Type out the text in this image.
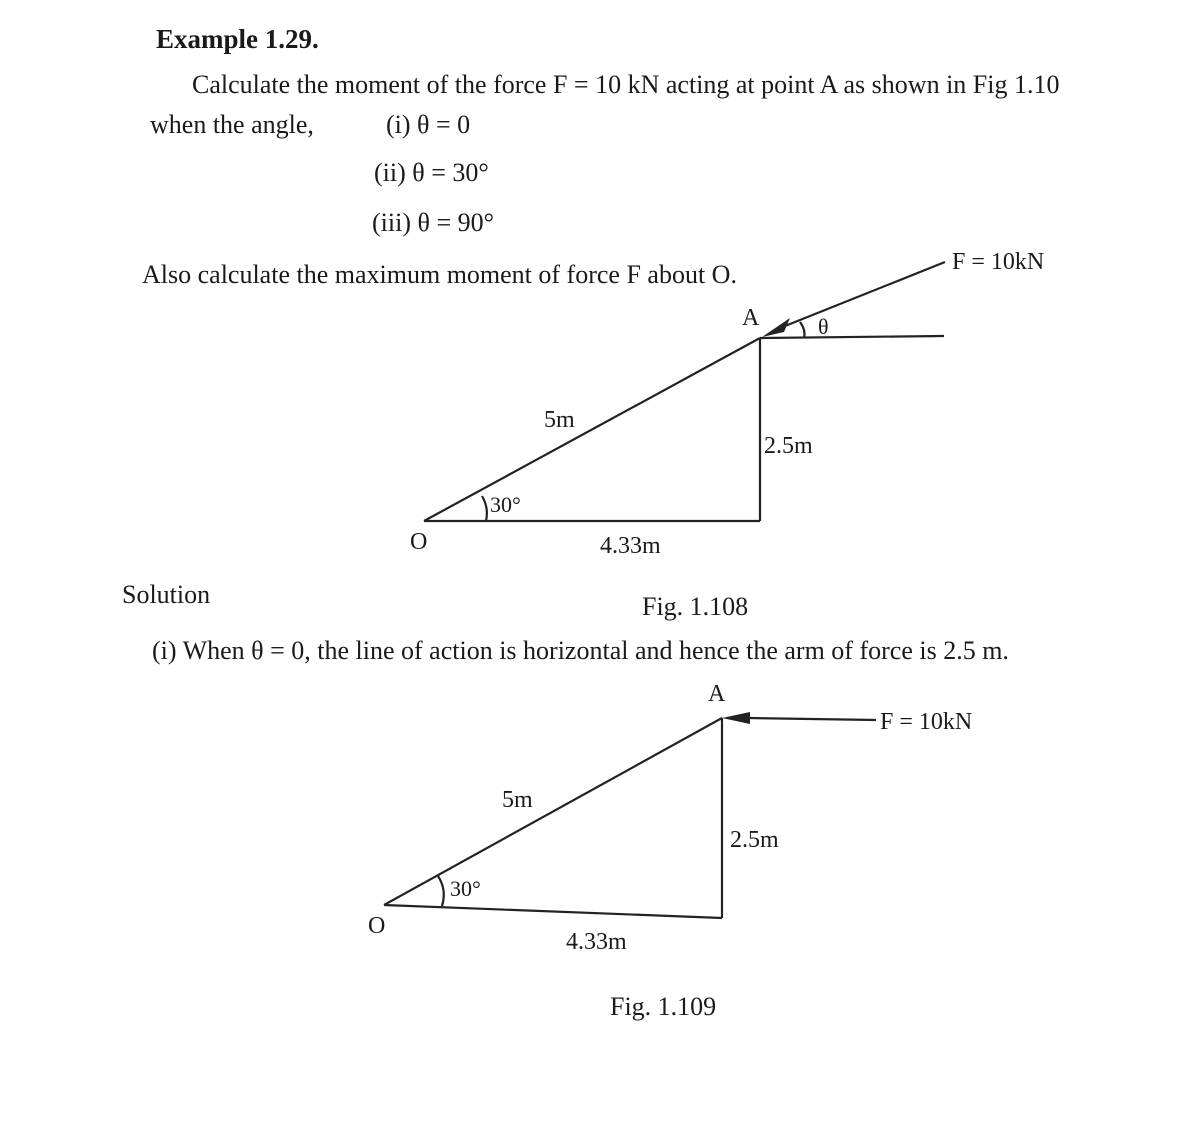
Example 1.29.
Calculate the moment of the force F = 10 kN acting at point A as shown in Fig 1.10
when the angle,	(i) θ = 0
(ii) θ = 30°
(iii) θ = 90°
Also calculate the maximum moment of force F about O.	F = 10kN
A	θ
5m
2.5m
30°
O	4.33m
Solution	Fig. 1.108
(i) When θ = 0, the line of action is horizontal and hence the arm of force is 2.5 m.
A
F = 10kN
5m
2.5m
30°
O
4.33m
Fig. 1.109
